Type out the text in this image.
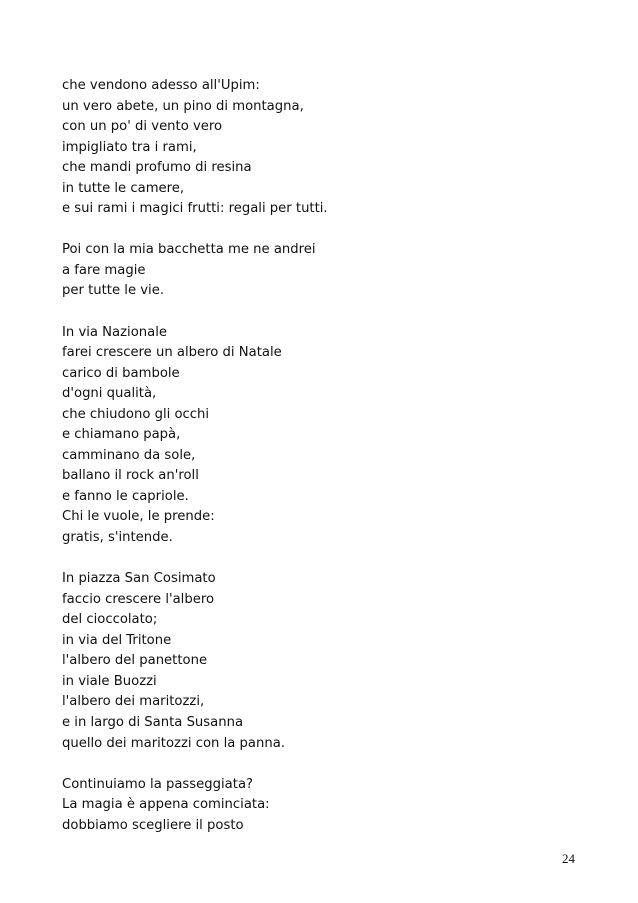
che vendono adesso all'Upim:
un vero abete, un pino di montagna,
con un po' di vento vero
impigliato tra i rami,
che mandi profumo di resina
in tutte le camere,
e sui rami i magici frutti: regali per tutti.
Poi con la mia bacchetta me ne andrei
a fare magie
per tutte le vie.
In via Nazionale
farei crescere un albero di Natale
carico di bambole
d'ogni qualità,
che chiudono gli occhi
e chiamano papà,
camminano da sole,
ballano il rock an'roll
e fanno le capriole.
Chi le vuole, le prende:
gratis, s'intende.
In piazza San Cosimato
faccio crescere l'albero
del cioccolato;
in via del Tritone
l'albero del panettone
in viale Buozzi
l'albero dei maritozzi,
e in largo di Santa Susanna
quello dei maritozzi con la panna.
Continuiamo la passeggiata?
La magia è appena cominciata:
dobbiamo scegliere il posto
24
